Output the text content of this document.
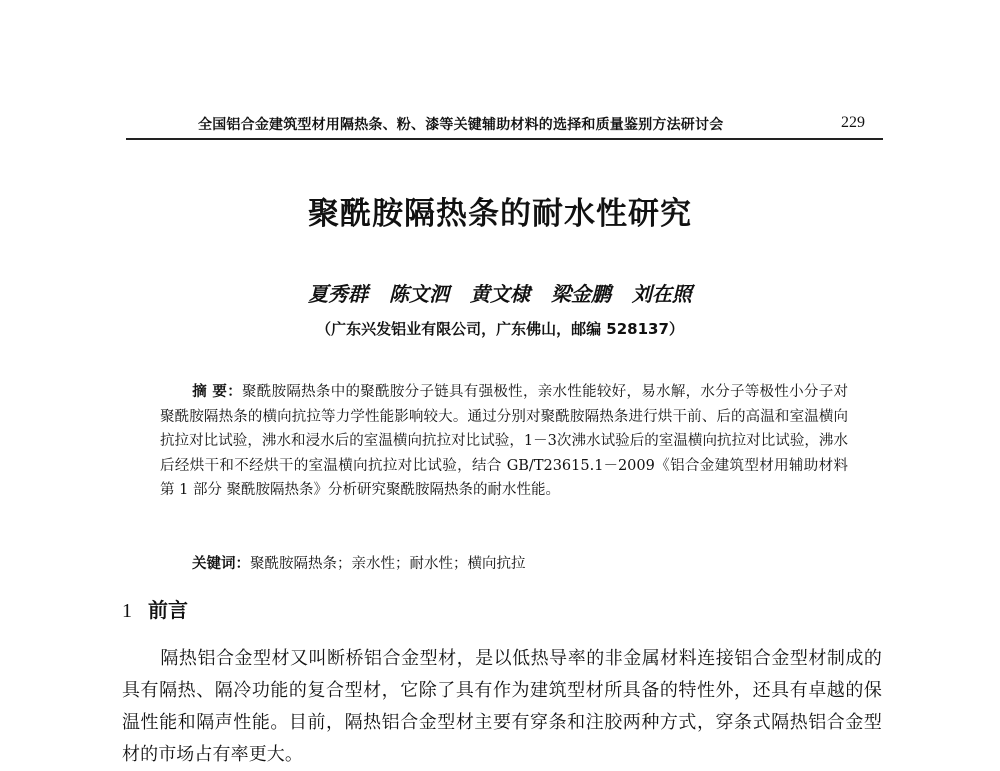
全国铝合金建筑型材用隔热条、粉、漆等关键辅助材料的选择和质量鉴别方法研讨会	229
聚酰胺隔热条的耐水性研究
夏秀群 陈文泗 黄文棣 梁金鹏 刘在照
（广东兴发铝业有限公司，广东佛山，邮编 528137）
摘 要：聚酰胺隔热条中的聚酰胺分子链具有强极性，亲水性能较好，易水解，水分子等极性小分子对聚酰胺隔热条的横向抗拉等力学性能影响较大。通过分别对聚酰胺隔热条进行烘干前、后的高温和室温横向抗拉对比试验，沸水和浸水后的室温横向抗拉对比试验，1－3次沸水试验后的室温横向抗拉对比试验，沸水后经烘干和不经烘干的室温横向抗拉对比试验，结合 GB/T23615.1－2009《铝合金建筑型材用辅助材料 第 1 部分 聚酰胺隔热条》分析研究聚酰胺隔热条的耐水性能。
关键词：聚酰胺隔热条；亲水性；耐水性；横向抗拉
1 前言
隔热铝合金型材又叫断桥铝合金型材，是以低热导率的非金属材料连接铝合金型材制成的具有隔热、隔冷功能的复合型材，它除了具有作为建筑型材所具备的特性外，还具有卓越的保温性能和隔声性能。目前，隔热铝合金型材主要有穿条和注胶两种方式，穿条式隔热铝合金型材的市场占有率更大。
